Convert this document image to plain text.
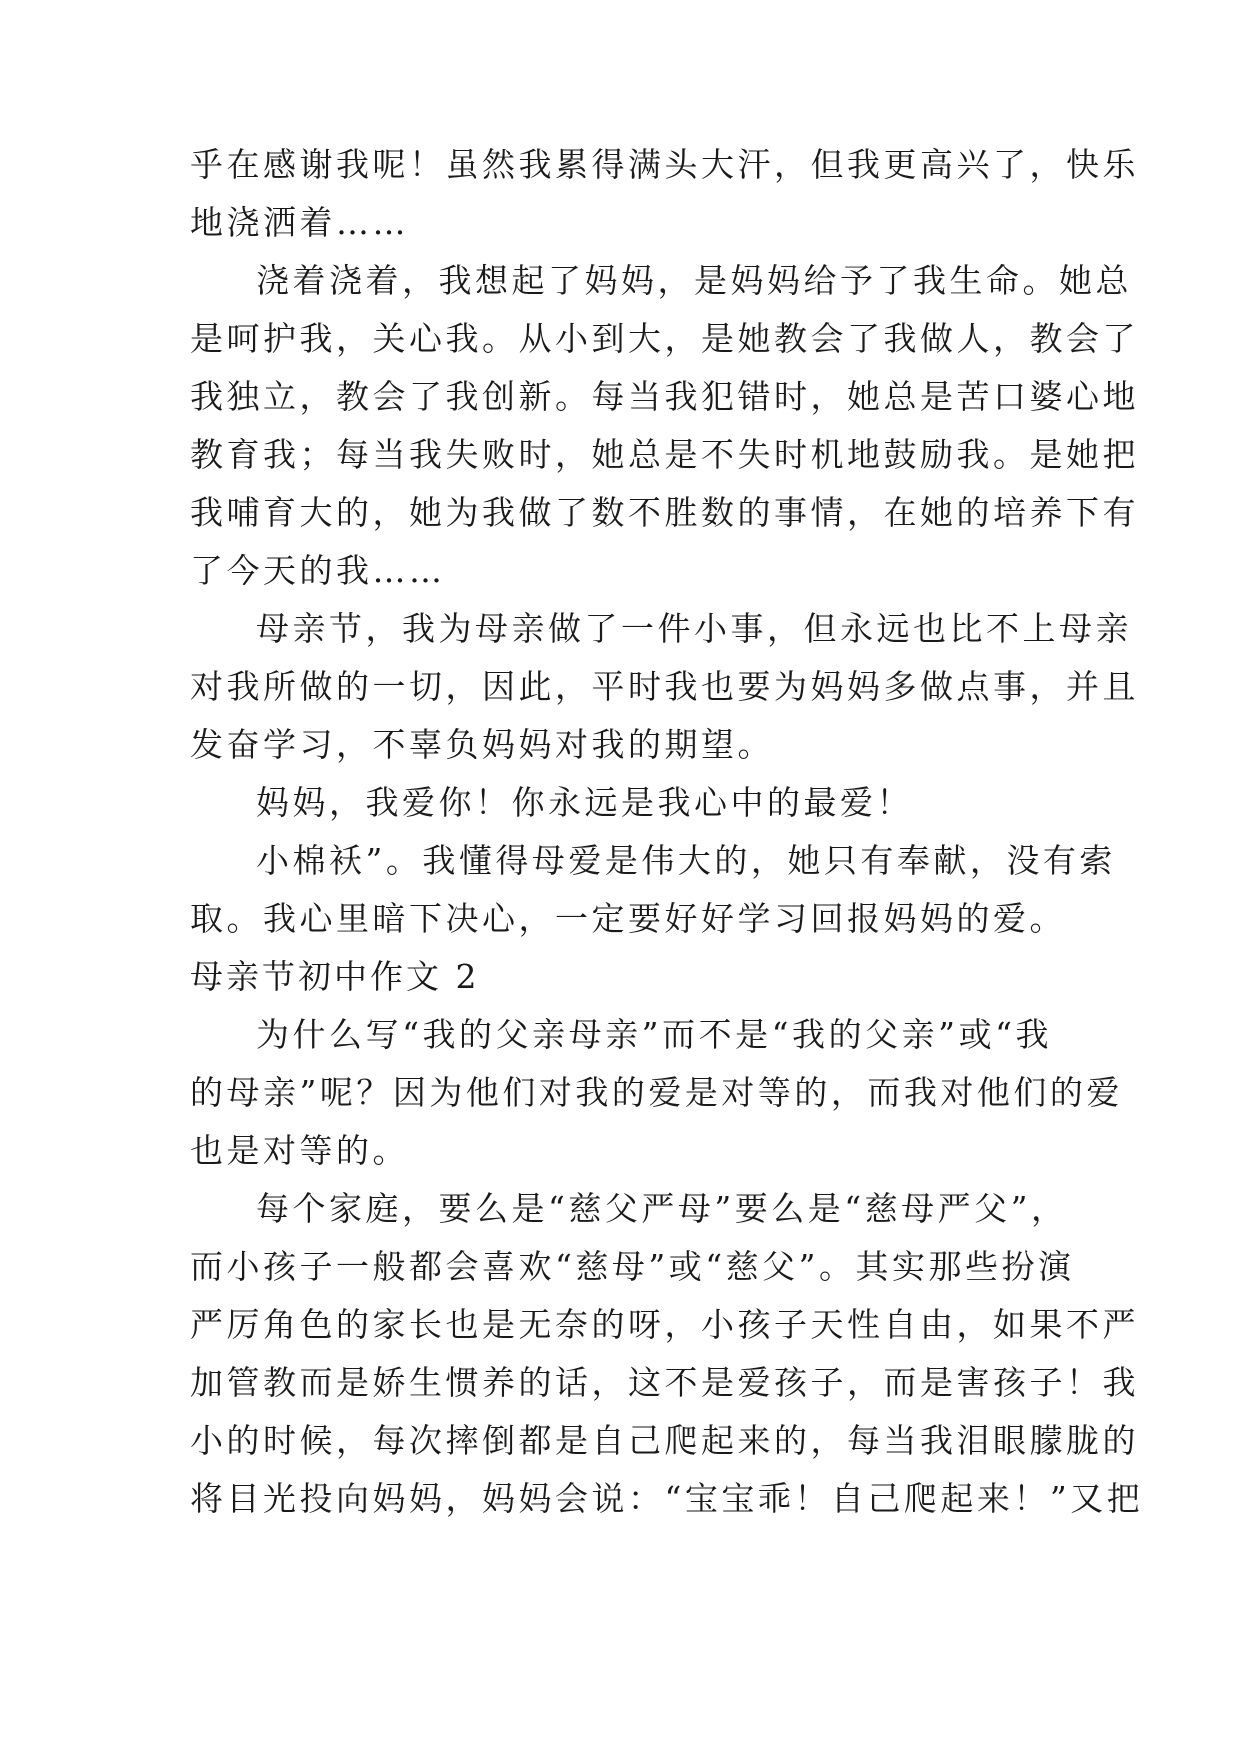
乎在感谢我呢！虽然我累得满头大汗，但我更高兴了，快乐
地浇洒着……
浇着浇着，我想起了妈妈，是妈妈给予了我生命。她总
是呵护我，关心我。从小到大，是她教会了我做人，教会了
我独立，教会了我创新。每当我犯错时，她总是苦口婆心地
教育我；每当我失败时，她总是不失时机地鼓励我。是她把
我哺育大的，她为我做了数不胜数的事情，在她的培养下有
了今天的我……
母亲节，我为母亲做了一件小事，但永远也比不上母亲
对我所做的一切，因此，平时我也要为妈妈多做点事，并且
发奋学习，不辜负妈妈对我的期望。
妈妈，我爱你！你永远是我心中的最爱！
小棉袄”。我懂得母爱是伟大的，她只有奉献，没有索
取。我心里暗下决心，一定要好好学习回报妈妈的爱。
母亲节初中作文 2
为什么写“我的父亲母亲”而不是“我的父亲”或“我
的母亲”呢？因为他们对我的爱是对等的，而我对他们的爱
也是对等的。
每个家庭，要么是“慈父严母”要么是“慈母严父”，
而小孩子一般都会喜欢“慈母”或“慈父”。其实那些扮演
严厉角色的家长也是无奈的呀，小孩子天性自由，如果不严
加管教而是娇生惯养的话，这不是爱孩子，而是害孩子！我
小的时候，每次摔倒都是自己爬起来的，每当我泪眼朦胧的
将目光投向妈妈，妈妈会说：“宝宝乖！自己爬起来！”又把
